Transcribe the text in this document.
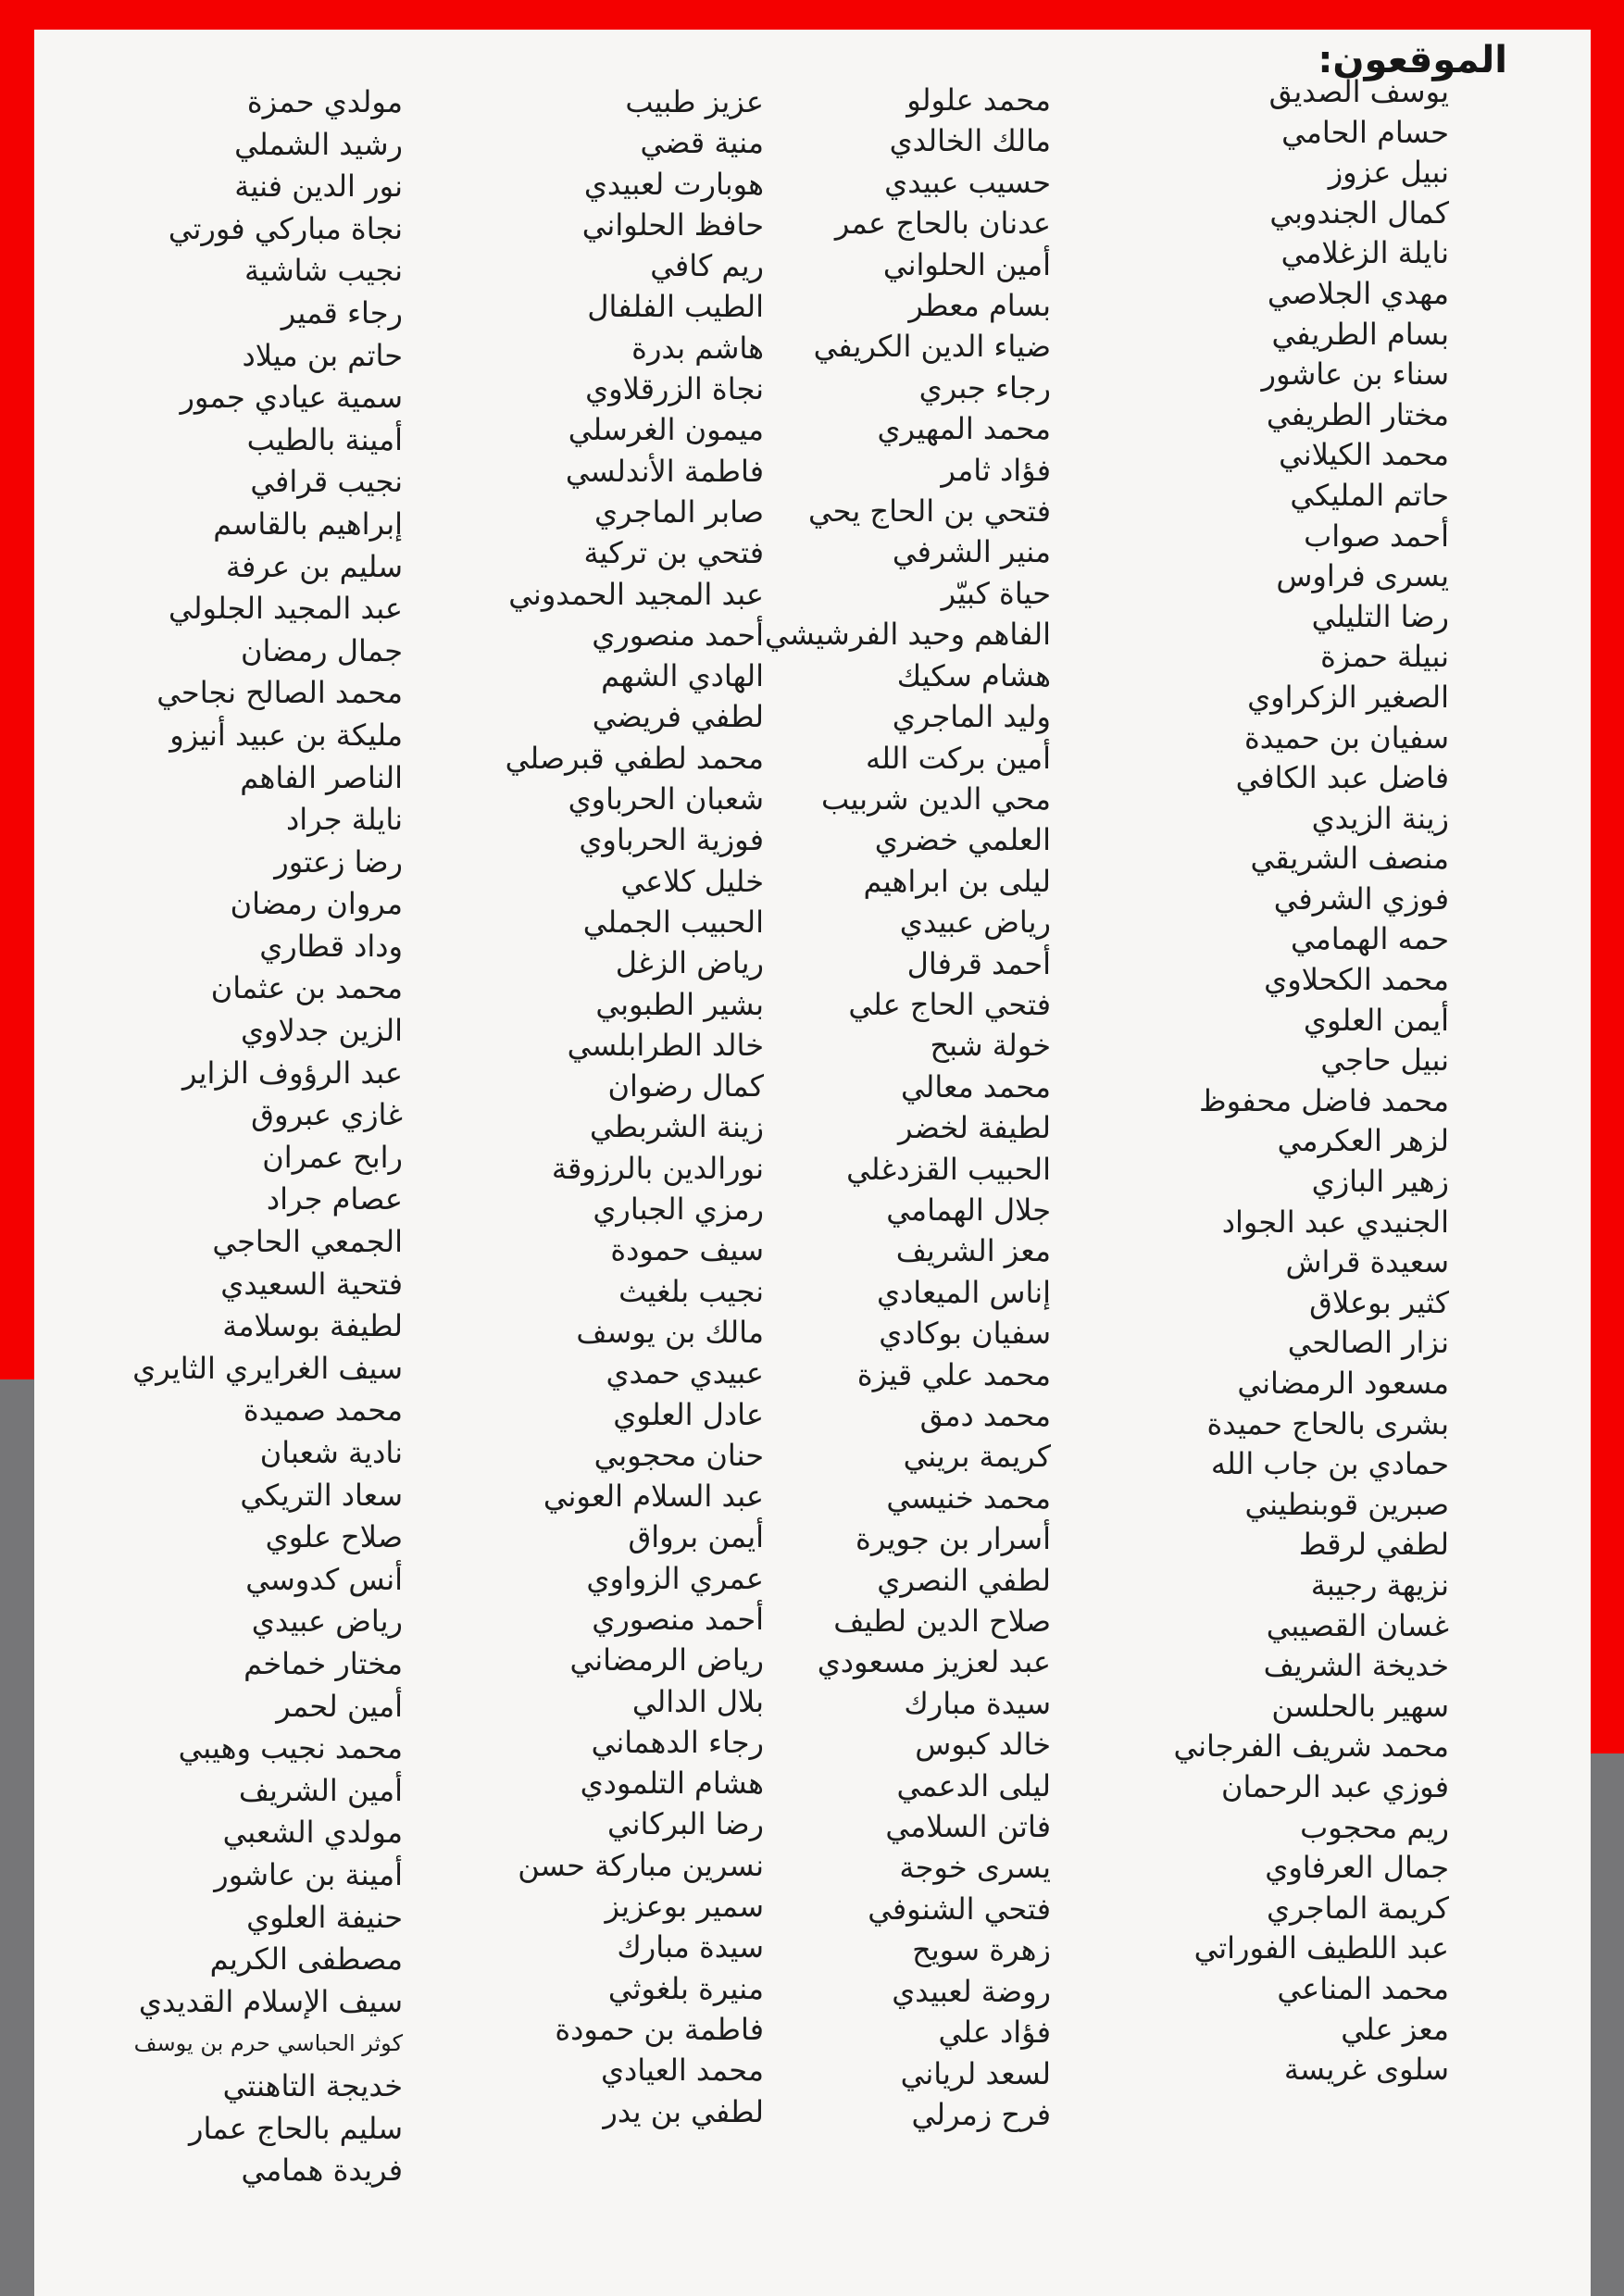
الموقعون:
يوسف الصديق
حسام الحامي
نبيل عزوز
كمال الجندوبي
نايلة الزغلامي
مهدي الجلاصي
بسام الطريفي
سناء بن عاشور
مختار الطريفي
محمد الكيلاني
حاتم المليكي
أحمد صواب
يسرى فراوس
رضا التليلي
نبيلة حمزة
الصغير الزكراوي
سفيان بن حميدة
فاضل عبد الكافي
زينة الزيدي
منصف الشريقي
فوزي الشرفي
حمه الهمامي
محمد الكحلاوي
أيمن العلوي
نبيل حاجي
محمد فاضل محفوظ
لزهر العكرمي
زهير البازي
الجنيدي عبد الجواد
سعيدة قراش
كثير بوعلاق
نزار الصالحي
مسعود الرمضاني
بشرى بالحاج حميدة
حمادي بن جاب الله
صبرين قوبنطيني
لطفي لرقط
نزيهة رجيبة
غسان القصيبي
خديخة الشريف
سهير بالحلسن
محمد شريف الفرجاني
فوزي عبد الرحمان
ريم محجوب
جمال العرفاوي
كريمة الماجري
عبد اللطيف الفوراتي
محمد المناعي
معز علي
سلوى غريسة
محمد علولو
مالك الخالدي
حسيب عبيدي
عدنان بالحاج عمر
أمين الحلواني
بسام معطر
ضياء الدين الكريفي
رجاء جبري
محمد المهيري
فؤاد ثامر
فتحي بن الحاج يحي
منير الشرفي
حياة كبيّر
الفاهم وحيد الفرشيشي
هشام سكيك
وليد الماجري
أمين بركت الله
محي الدين شربيب
العلمي خضري
ليلى بن ابراهيم
رياض عبيدي
أحمد قرفال
فتحي الحاج علي
خولة شبح
محمد معالي
لطيفة لخضر
الحبيب القزدغلي
جلال الهمامي
معز الشريف
إناس الميعادي
سفيان بوكادي
محمد علي قيزة
محمد دمق
كريمة بريني
محمد خنيسي
أسرار بن جويرة
لطفي النصري
صلاح الدين لطيف
عبد لعزيز مسعودي
سيدة مبارك
خالد كبوس
ليلى الدعمي
فاتن السلامي
يسرى خوجة
فتحي الشنوفي
زهرة سويح
روضة لعبيدي
فؤاد علي
لسعد لرياني
فرح زمرلي
عزيز طبيب
منية قضي
هوبارت لعبيدي
حافظ الحلواني
ريم كافي
الطيب الفلفال
هاشم بدرة
نجاة الزرقلاوي
ميمون الغرسلي
فاطمة الأندلسي
صابر الماجري
فتحي بن تركية
عبد المجيد الحمدوني
أحمد منصوري
الهادي الشهم
لطفي فريضي
محمد لطفي قبرصلي
شعبان الحرباوي
فوزية الحرباوي
خليل كلاعي
الحبيب الجملي
رياض الزغل
بشير الطبوبي
خالد الطرابلسي
كمال رضوان
زينة الشربطي
نورالدين بالرزوقة
رمزي الجباري
سيف حمودة
نجيب بلغيث
مالك بن يوسف
عبيدي حمدي
عادل العلوي
حنان محجوبي
عبد السلام العوني
أيمن برواق
عمري الزواوي
أحمد منصوري
رياض الرمضاني
بلال الدالي
رجاء الدهماني
هشام التلمودي
رضا البركاني
نسرين مباركة حسن
سمير بوعزيز
سيدة مبارك
منيرة بلغوثي
فاطمة بن حمودة
محمد العيادي
لطفي بن يدر
مولدي حمزة
رشيد الشملي
نور الدين فنية
نجاة مباركي فورتي
نجيب شاشية
رجاء قمير
حاتم بن ميلاد
سمية عيادي جمور
أمينة بالطيب
نجيب قرافي
إبراهيم بالقاسم
سليم بن عرفة
عبد المجيد الجلولي
جمال رمضان
محمد الصالح نجاحي
مليكة بن عبيد أنيزو
الناصر الفاهم
نايلة جراد
رضا زعتور
مروان رمضان
وداد قطاري
محمد بن عثمان
الزين جدلاوي
عبد الرؤوف الزاير
غازي عبروق
رابح عمران
عصام جراد
الجمعي الحاجي
فتحية السعيدي
لطيفة بوسلامة
سيف الغرايري الثايري
محمد صميدة
نادية شعبان
سعاد التريكي
صلاح علوي
أنس كدوسي
رياض عبيدي
مختار خماخم
أمين لحمر
محمد نجيب وهيبي
أمين الشريف
مولدي الشعبي
أمينة بن عاشور
حنيفة العلوي
مصطفى الكريم
سيف الإسلام القديدي
كوثر الحباسي حرم بن يوسف
خديجة التاهنتي
سليم بالحاج عمار
فريدة همامي
